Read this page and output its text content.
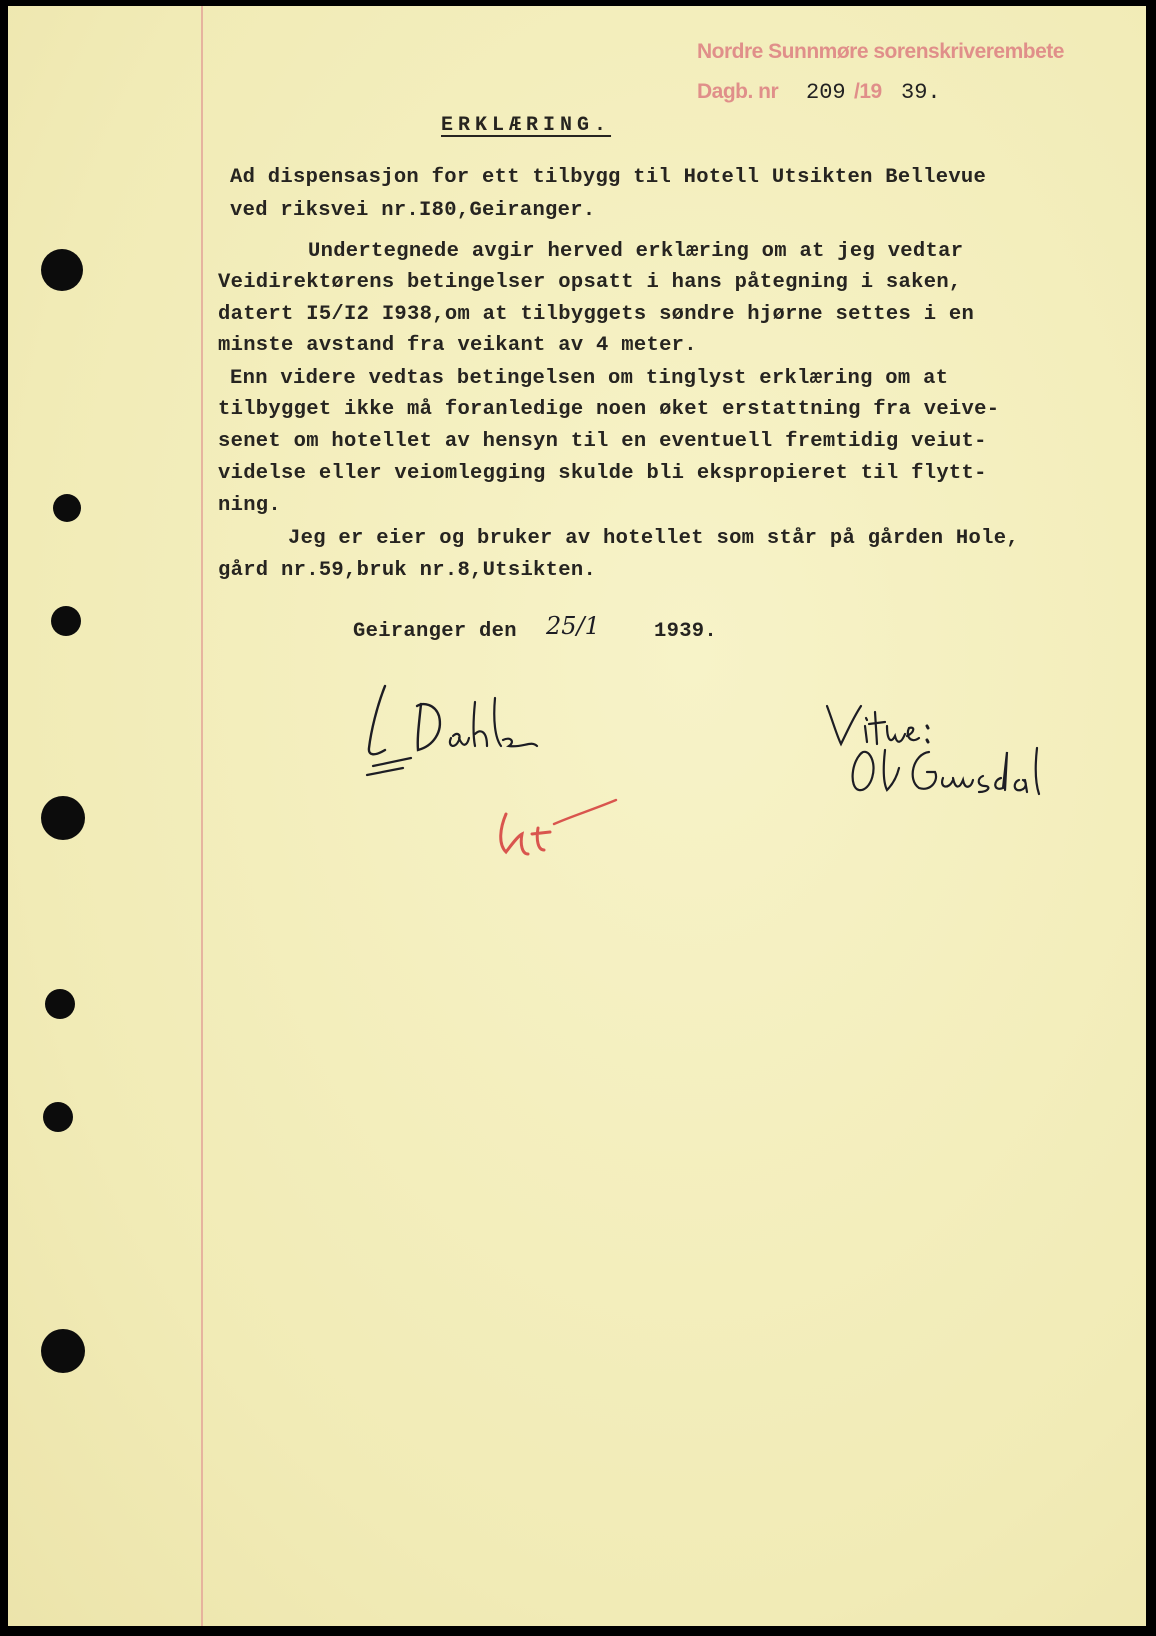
Nordre Sunnmøre sorenskriverembete
Dagb. nr 209 /19 39.
ERKLÆRING.
Ad dispensasjon for ett tilbygg til Hotell Utsikten Bellevue
ved riksvei nr.I80,Geiranger.
Undertegnede avgir herved erklæring om at jeg vedtar
Veidirektørens betingelser opsatt i hans påtegning i saken,
datert I5/I2 I938,om at tilbyggets søndre hjørne settes i en
minste avstand fra veikant av 4 meter.
Enn videre vedtas betingelsen om tinglyst erklæring om at
tilbygget ikke må foranledige noen øket erstattning fra veive-
senet om hotellet av hensyn til en eventuell fremtidig veiut-
videlse eller veiomlegging skulde bli ekspropieret til flytt-
ning.
Jeg er eier og bruker av hotellet som står på gården Hole,
gård nr.59,bruk nr.8,Utsikten.
Geiranger den 25/1	1939.
